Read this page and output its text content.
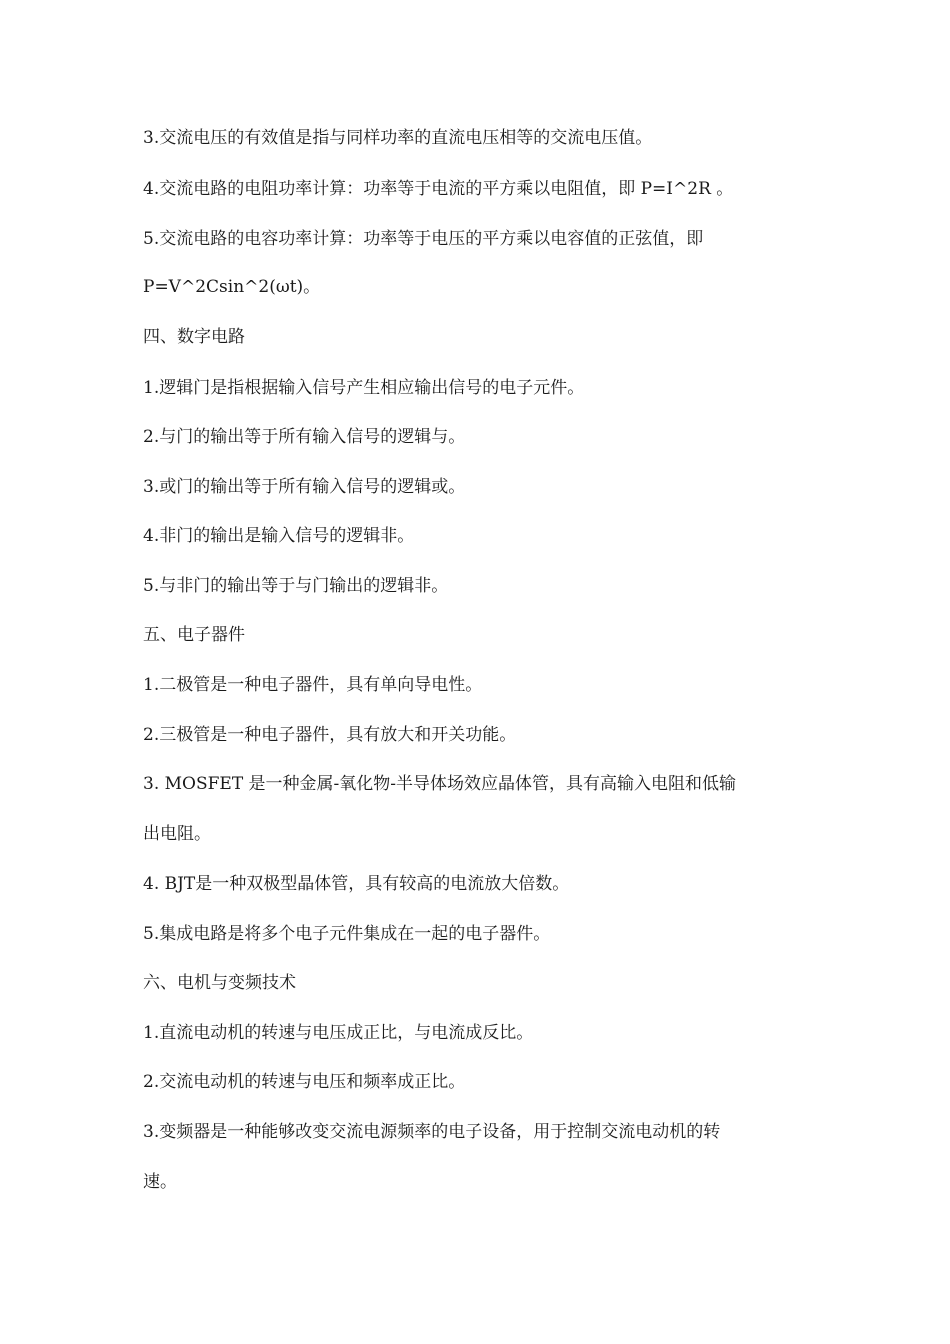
3.交流电压的有效值是指与同样功率的直流电压相等的交流电压值。
4.交流电路的电阻功率计算：功率等于电流的平方乘以电阻值，即 P=I^2R 。
5.交流电路的电容功率计算：功率等于电压的平方乘以电容值的正弦值，即
P=V^2Csin^2(ωt)。
四、数字电路
1.逻辑门是指根据输入信号产生相应输出信号的电子元件。
2.与门的输出等于所有输入信号的逻辑与。
3.或门的输出等于所有输入信号的逻辑或。
4.非门的输出是输入信号的逻辑非。
5.与非门的输出等于与门输出的逻辑非。
五、电子器件
1.二极管是一种电子器件，具有单向导电性。
2.三极管是一种电子器件，具有放大和开关功能。
3. MOSFET 是一种金属-氧化物-半导体场效应晶体管，具有高输入电阻和低输
出电阻。
4. BJT是一种双极型晶体管，具有较高的电流放大倍数。
5.集成电路是将多个电子元件集成在一起的电子器件。
六、电机与变频技术
1.直流电动机的转速与电压成正比，与电流成反比。
2.交流电动机的转速与电压和频率成正比。
3.变频器是一种能够改变交流电源频率的电子设备，用于控制交流电动机的转
速。
